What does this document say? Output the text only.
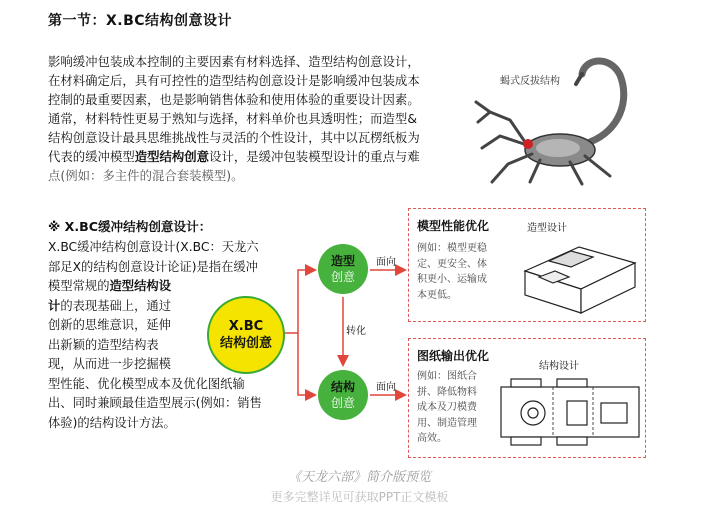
第一节：X.BC结构创意设计

影响缓冲包装成本控制的主要因素有材料选择、造型结构创意设计，

在材料确定后，具有可控性的造型结构创意设计是影响缓冲包装成本

控制的最重要因素，也是影响销售体验和使用体验的重要设计因素。

通常，材料特性更易于熟知与选择，材料单价也具透明性；而造型&

结构创意设计最具思维挑战性与灵活的个性设计，其中以瓦楞纸板为

代表的缓冲模型造型结构创意设计，是缓冲包装模型设计的重点与难

点(例如：多主件的混合套装模型)。

蝎式反拔结构
※ X.BC缓冲结构创意设计：
X.BC缓冲结构创意设计(X.BC：天龙六
部足X的结构创意设计论证)是指在缓冲
模型常规的造型结构设
计的表现基础上，通过
创新的思维意识，延伸
出新颖的造型结构表
现，从而进一步挖掘模
型性能、优化模型成本及优化图纸输
出、同时兼顾最佳造型展示(例如：销售
体验)的结构设计方法。
X.BC
结构创意
造型
创意
结构
创意
面向
面向
转化
模型性能优化
例如：模型更稳
定、更安全、体
积更小、运输成
本更低。
造型设计
图纸输出优化
例如：图纸合
拼、降低物料
成本及刀模费
用、制造管理
高效。
结构设计
《天龙六部》简介版预览
更多完整详见可获取PPT正文模板
